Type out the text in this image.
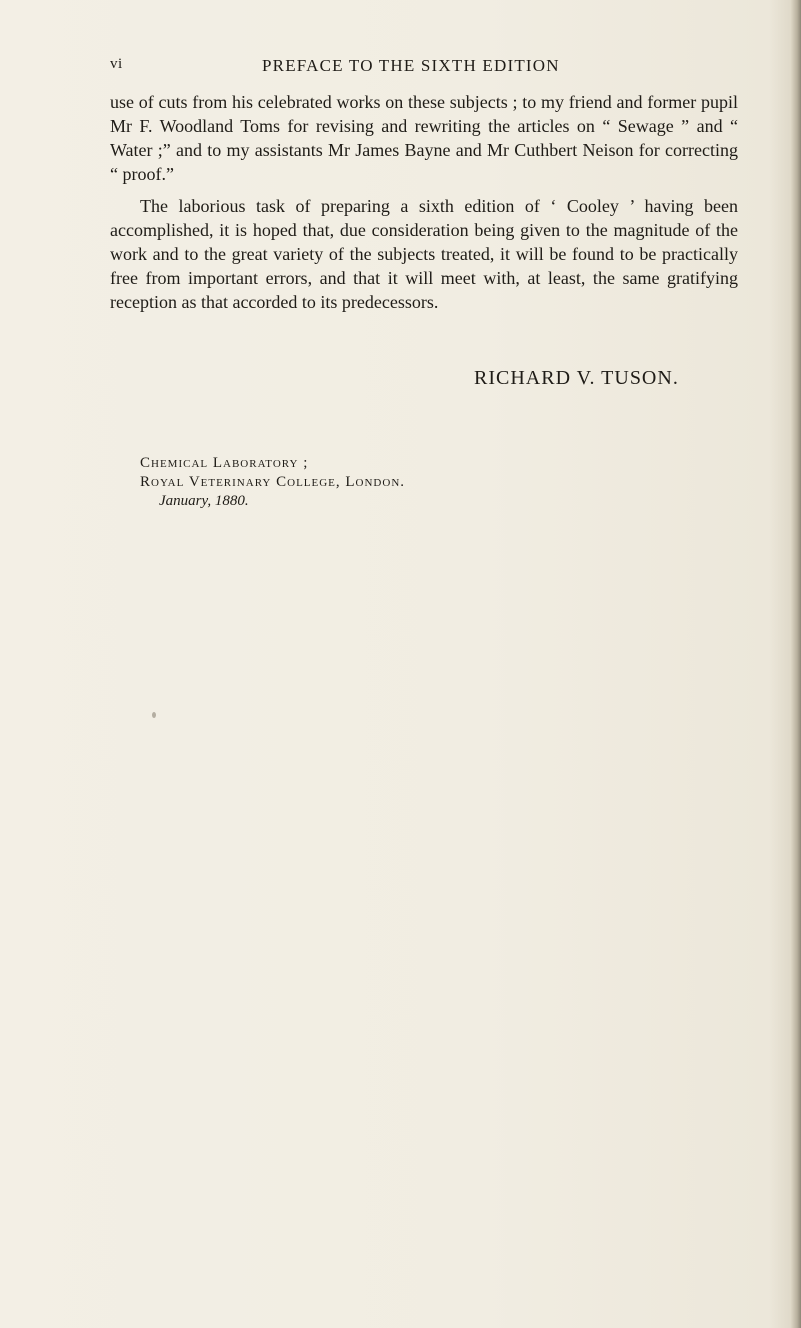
vi	PREFACE TO THE SIXTH EDITION

use of cuts from his celebrated works on these subjects ; to my friend and former pupil Mr F. Woodland Toms for revising and rewriting the articles on “ Sewage ” and “ Water ;” and to my assistants Mr James Bayne and Mr Cuthbert Neison for correcting “ proof.”

The laborious task of preparing a sixth edition of ‘ Cooley ’ having been accomplished, it is hoped that, due consideration being given to the magnitude of the work and to the great variety of the subjects treated, it will be found to be practically free from important errors, and that it will meet with, at least, the same gratifying reception as that accorded to its predecessors.

RICHARD V. TUSON.
Chemical Laboratory ;
Royal Veterinary College, London.
January, 1880.
